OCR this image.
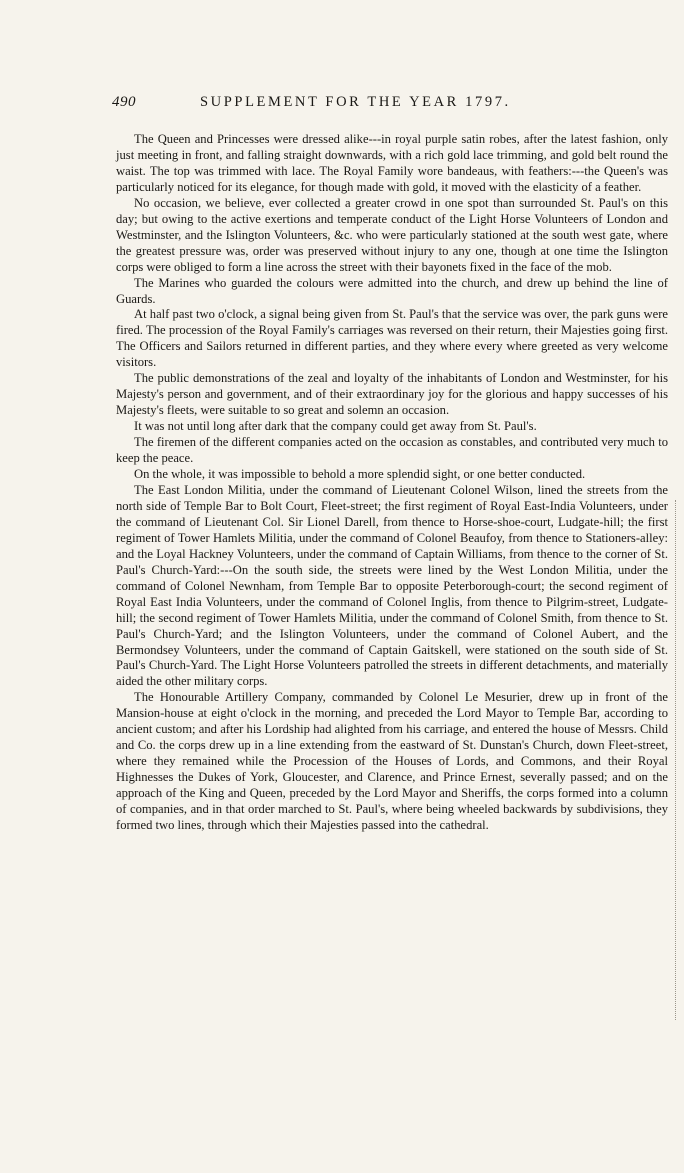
490	SUPPLEMENT FOR THE YEAR 1797.

The Queen and Princesses were dressed alike---in royal purple satin robes, after the latest fashion, only just meeting in front, and falling straight downwards, with a rich gold lace trimming, and gold belt round the waist. The top was trimmed with lace. The Royal Family wore bandeaus, with feathers:---the Queen's was particularly noticed for its elegance, for though made with gold, it moved with the elasticity of a feather.

No occasion, we believe, ever collected a greater crowd in one spot than surrounded St. Paul's on this day; but owing to the active exertions and temperate conduct of the Light Horse Volunteers of London and Westminster, and the Islington Volunteers, &c. who were particularly stationed at the south west gate, where the greatest pressure was, order was preserved without injury to any one, though at one time the Islington corps were obliged to form a line across the street with their bayonets fixed in the face of the mob.

The Marines who guarded the colours were admitted into the church, and drew up behind the line of Guards.

At half past two o'clock, a signal being given from St. Paul's that the service was over, the park guns were fired. The procession of the Royal Family's carriages was reversed on their return, their Majesties going first. The Officers and Sailors returned in different parties, and they where every where greeted as very welcome visitors.

The public demonstrations of the zeal and loyalty of the inhabitants of London and Westminster, for his Majesty's person and government, and of their extraordinary joy for the glorious and happy successes of his Majesty's fleets, were suitable to so great and solemn an occasion.

It was not until long after dark that the company could get away from St. Paul's.

The firemen of the different companies acted on the occasion as constables, and contributed very much to keep the peace.

On the whole, it was impossible to behold a more splendid sight, or one better conducted.

The East London Militia, under the command of Lieutenant Colonel Wilson, lined the streets from the north side of Temple Bar to Bolt Court, Fleet-street; the first regiment of Royal East-India Volunteers, under the command of Lieutenant Col. Sir Lionel Darell, from thence to Horse-shoe-court, Ludgate-hill; the first regiment of Tower Hamlets Militia, under the command of Colonel Beaufoy, from thence to Stationers-alley: and the Loyal Hackney Volunteers, under the command of Captain Williams, from thence to the corner of St. Paul's Church-Yard:---On the south side, the streets were lined by the West London Militia, under the command of Colonel Newnham, from Temple Bar to opposite Peterborough-court; the second regiment of Royal East India Volunteers, under the command of Colonel Inglis, from thence to Pilgrim-street, Ludgate-hill; the second regiment of Tower Hamlets Militia, under the command of Colonel Smith, from thence to St. Paul's Church-Yard; and the Islington Volunteers, under the command of Colonel Aubert, and the Bermondsey Volunteers, under the command of Captain Gaitskell, were stationed on the south side of St. Paul's Church-Yard. The Light Horse Volunteers patrolled the streets in different detachments, and materially aided the other military corps.

The Honourable Artillery Company, commanded by Colonel Le Mesurier, drew up in front of the Mansion-house at eight o'clock in the morning, and preceded the Lord Mayor to Temple Bar, according to ancient custom; and after his Lordship had alighted from his carriage, and entered the house of Messrs. Child and Co. the corps drew up in a line extending from the eastward of St. Dunstan's Church, down Fleet-street, where they remained while the Procession of the Houses of Lords, and Commons, and their Royal Highnesses the Dukes of York, Gloucester, and Clarence, and Prince Ernest, severally passed; and on the approach of the King and Queen, preceded by the Lord Mayor and Sheriffs, the corps formed into a column of companies, and in that order marched to St. Paul's, where being wheeled backwards by subdivisions, they formed two lines, through which their Majesties passed into the cathedral.
